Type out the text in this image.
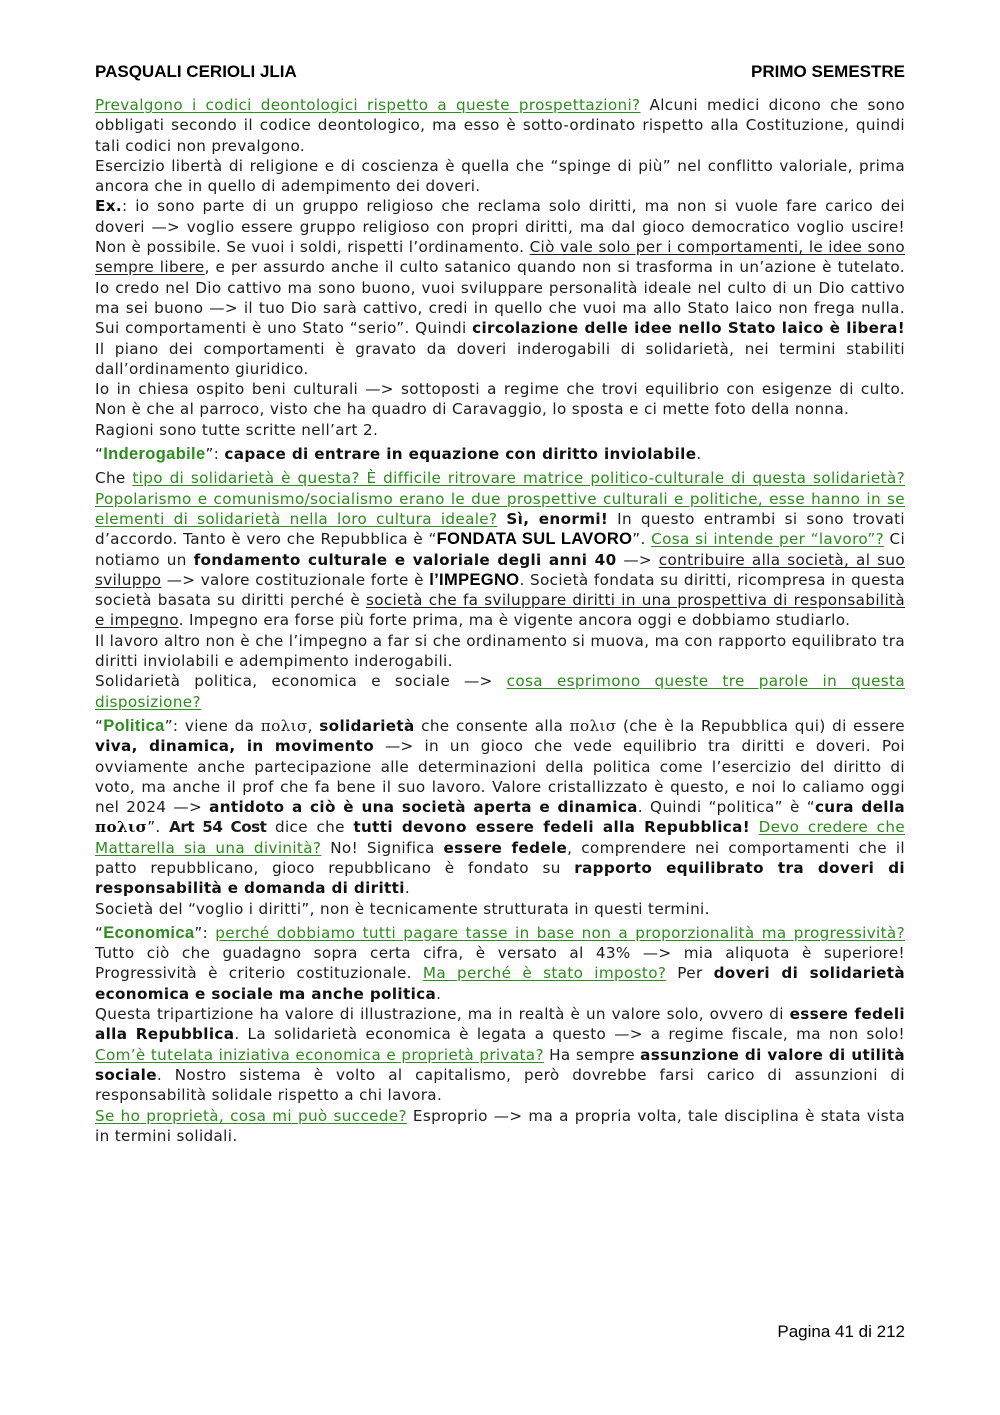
PASQUALI CERIOLI JLIA	PRIMO SEMESTRE

Prevalgono i codici deontologici rispetto a queste prospettazioni? Alcuni medici dicono che sono obbligati secondo il codice deontologico, ma esso è sotto-ordinato rispetto alla Costituzione, quindi tali codici non prevalgono.

Esercizio libertà di religione e di coscienza è quella che “spinge di più” nel conflitto valoriale, prima ancora che in quello di adempimento dei doveri.

Ex.: io sono parte di un gruppo religioso che reclama solo diritti, ma non si vuole fare carico dei doveri —> voglio essere gruppo religioso con propri diritti, ma dal gioco democratico voglio uscire! Non è possibile. Se vuoi i soldi, rispetti l’ordinamento. Ciò vale solo per i comportamenti, le idee sono sempre libere, e per assurdo anche il culto satanico quando non si trasforma in un’azione è tutelato. Io credo nel Dio cattivo ma sono buono, vuoi sviluppare personalità ideale nel culto di un Dio cattivo ma sei buono —> il tuo Dio sarà cattivo, credi in quello che vuoi ma allo Stato laico non frega nulla. Sui comportamenti è uno Stato “serio”. Quindi circolazione delle idee nello Stato laico è libera! Il piano dei comportamenti è gravato da doveri inderogabili di solidarietà, nei termini stabiliti dall’ordinamento giuridico.

Io in chiesa ospito beni culturali —> sottoposti a regime che trovi equilibrio con esigenze di culto. Non è che al parroco, visto che ha quadro di Caravaggio, lo sposta e ci mette foto della nonna.

Ragioni sono tutte scritte nell’art 2.

“Inderogabile”: capace di entrare in equazione con diritto inviolabile.

Che tipo di solidarietà è questa? È difficile ritrovare matrice politico-culturale di questa solidarietà? Popolarismo e comunismo/socialismo erano le due prospettive culturali e politiche, esse hanno in se elementi di solidarietà nella loro cultura ideale? Sì, enormi! In questo entrambi si sono trovati d’accordo. Tanto è vero che Repubblica è “FONDATA SUL LAVORO”. Cosa si intende per “lavoro”? Ci notiamo un fondamento culturale e valoriale degli anni 40 —> contribuire alla società, al suo sviluppo —> valore costituzionale forte è l’IMPEGNO. Società fondata su diritti, ricompresa in questa società basata su diritti perché è società che fa sviluppare diritti in una prospettiva di responsabilità e impegno. Impegno era forse più forte prima, ma è vigente ancora oggi e dobbiamo studiarlo.

Il lavoro altro non è che l’impegno a far si che ordinamento si muova, ma con rapporto equilibrato tra diritti inviolabili e adempimento inderogabili.

Solidarietà politica, economica e sociale —> cosa esprimono queste tre parole in questa disposizione?

“Politica”: viene da πολισ, solidarietà che consente alla πολισ (che è la Repubblica qui) di essere viva, dinamica, in movimento —> in un gioco che vede equilibrio tra diritti e doveri. Poi ovviamente anche partecipazione alle determinazioni della politica come l’esercizio del diritto di voto, ma anche il prof che fa bene il suo lavoro. Valore cristallizzato è questo, e noi lo caliamo oggi nel 2024 —> antidoto a ciò è una società aperta e dinamica. Quindi “politica” è “cura della πολισ”. Art 54 Cost dice che tutti devono essere fedeli alla Repubblica! Devo credere che Mattarella sia una divinità? No! Significa essere fedele, comprendere nei comportamenti che il patto repubblicano, gioco repubblicano è fondato su rapporto equilibrato tra doveri di responsabilità e domanda di diritti.

Società del “voglio i diritti”, non è tecnicamente strutturata in questi termini.

“Economica”: perché dobbiamo tutti pagare tasse in base non a proporzionalità ma progressività? Tutto ciò che guadagno sopra certa cifra, è versato al 43% —> mia aliquota è superiore! Progressività è criterio costituzionale. Ma perché è stato imposto? Per doveri di solidarietà economica e sociale ma anche politica.

Questa tripartizione ha valore di illustrazione, ma in realtà è un valore solo, ovvero di essere fedeli alla Repubblica. La solidarietà economica è legata a questo —> a regime fiscale, ma non solo! Com’è tutelata iniziativa economica e proprietà privata? Ha sempre assunzione di valore di utilità sociale. Nostro sistema è volto al capitalismo, però dovrebbe farsi carico di assunzioni di responsabilità solidale rispetto a chi lavora.

Se ho proprietà, cosa mi può succede? Esproprio —> ma a propria volta, tale disciplina è stata vista in termini solidali.

Pagina 41 di 212
